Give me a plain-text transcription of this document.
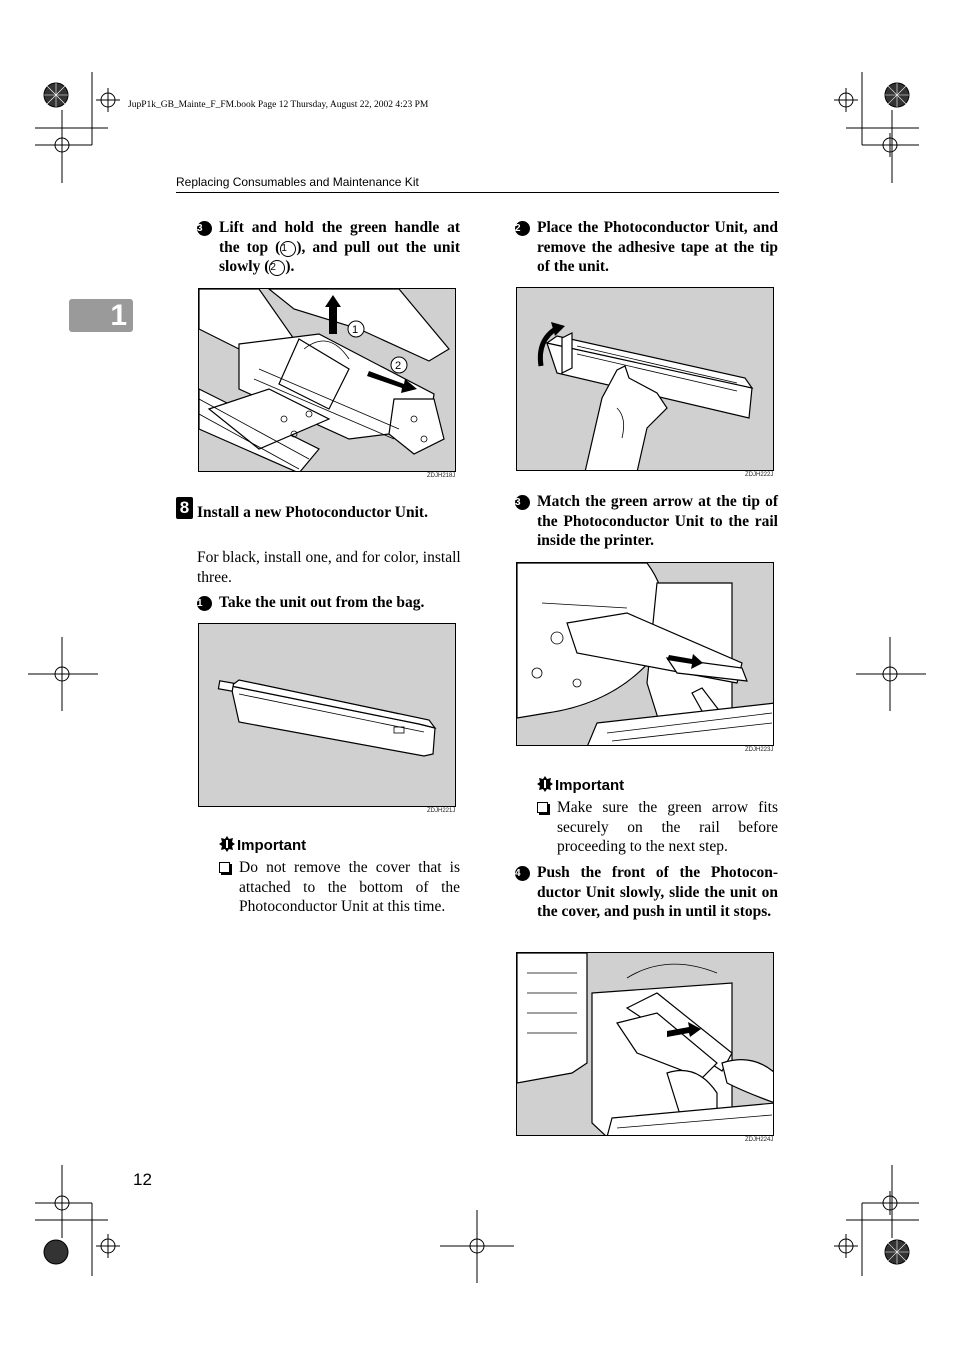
JupP1k_GB_Mainte_F_FM.book Page 12 Thursday, August 22, 2002 4:23 PM
Replacing Consumables and Maintenance Kit
1
3	Lift and hold the green handle at the top (1 ), and pull out the unit slowly (2 ).
1
2
ZDJH218J
8 Install a new Photoconductor Unit.
For black, install one, and for color, install three.
1	Take the unit out from the bag.
ZDJH221J
Important
Do not remove the cover that is attached to the bottom of the Photoconductor Unit at this time.
2	Place the Photoconductor Unit, and remove the adhesive tape at the tip of the unit.
ZDJH222J
3	Match the green arrow at the tip of the Photoconductor Unit to the rail inside the printer.
ZDJH223J
Important
Make sure the green arrow fits securely on the rail before proceeding to the next step.
4	Push the front of the Photocon-ductor Unit slowly, slide the unit on the cover, and push in until it stops.
ZDJH224J
12
